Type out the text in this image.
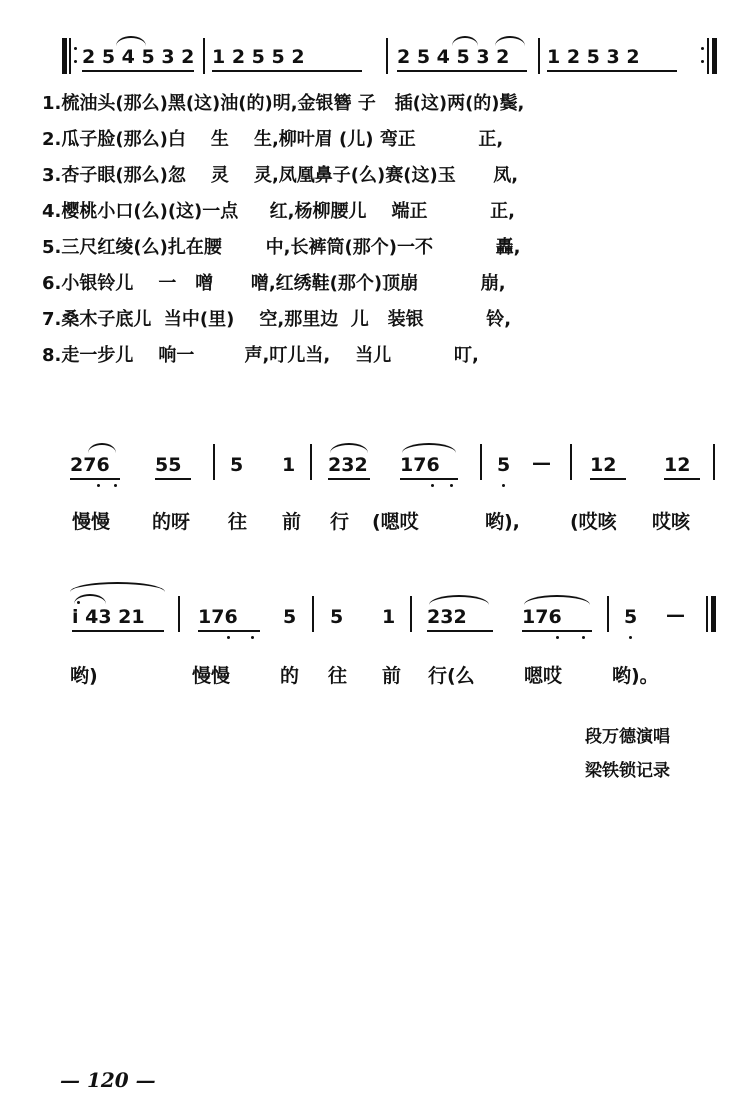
2 5 4 5 3 2 1 2 5 5 2	2 5 4 5 3 2 1 2 5 3 2
1.梳油头(那么)黑(这)油(的)明,金银簪 子   插(这)两(的)鬓,
2.瓜子脸(那么)白    生    生,柳叶眉 (儿) 弯正          正,
3.杏子眼(那么)忽    灵    灵,凤凰鼻子(么)赛(这)玉      凤,
4.樱桃小口(么)(这)一点     红,杨柳腰儿    端正          正,
5.三尺红绫(么)扎在腰       中,长裤筒(那个)一不          轟,
6.小银铃儿    一   噌      噌,红绣鞋(那个)顶崩          崩,
7.桑木子底儿  当中(里)    空,那里边  儿   装银          铃,
8.走一步儿    响一        声,叮儿当,    当儿          叮,
276 55	5 1 232 176	5 — 12	12
慢慢 的呀 往 前 行 (嗯哎	哟),	(哎咳 哎咳
i 43 21	176 5 5 1 232	176	5 —
哟)	慢慢	的 往 前 行(么	嗯哎	哟)。
段万德演唱
梁铁锁记录
— 120 —
